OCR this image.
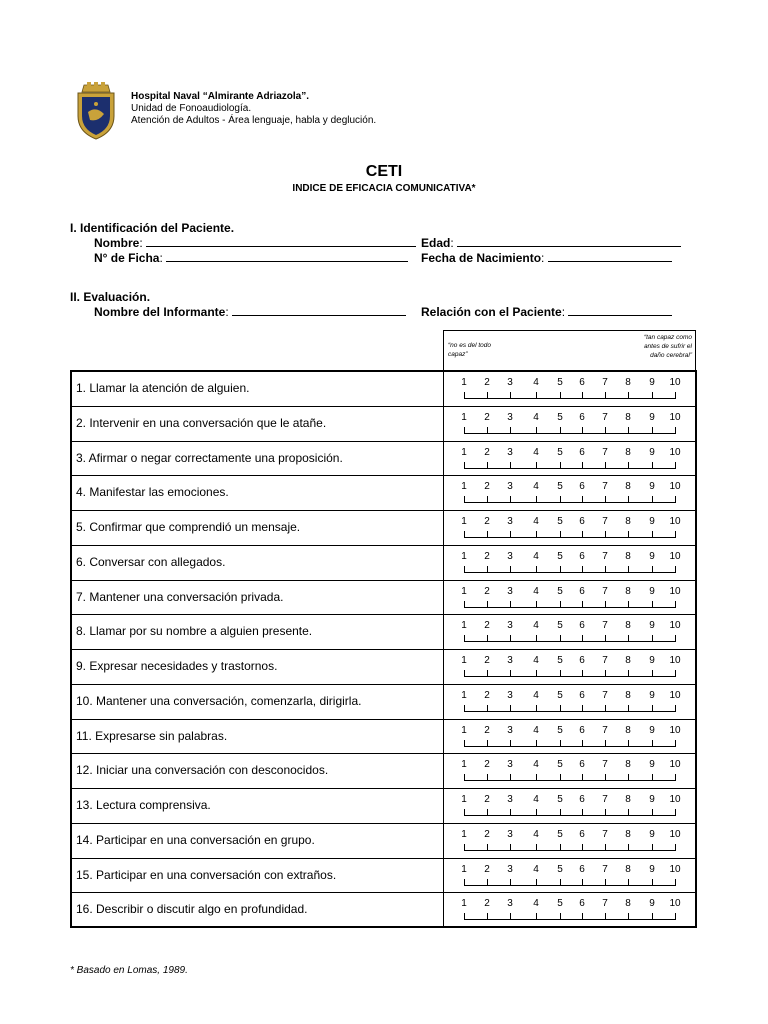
Hospital Naval “Almirante Adriazola”.
Unidad de Fonoaudiología.
Atención de Adultos - Área lenguaje, habla y deglución.
CETI
INDICE DE EFICACIA COMUNICATIVA*
I. Identificación del Paciente.
Nombre:	Edad:
N° de Ficha:	Fecha de Nacimiento:
II. Evaluación.
Nombre del Informante:	Relación con el Paciente:
“no es del todo capaz”
“tan capaz como antes de sufrir el daño cerebral”
1. Llamar la atención de alguien.	1 2 3 4 5 6 7 8 9 10
2. Intervenir en una conversación que le atañe.	1 2 3 4 5 6 7 8 9 10
3. Afirmar o negar correctamente una proposición.	1 2 3 4 5 6 7 8 9 10
4. Manifestar las emociones.	1 2 3 4 5 6 7 8 9 10
5. Confirmar que comprendió un mensaje.	1 2 3 4 5 6 7 8 9 10
6. Conversar con allegados.	1 2 3 4 5 6 7 8 9 10
7. Mantener una conversación privada.	1 2 3 4 5 6 7 8 9 10
8. Llamar por su nombre a alguien presente.	1 2 3 4 5 6 7 8 9 10
9. Expresar necesidades y trastornos.	1 2 3 4 5 6 7 8 9 10
10. Mantener una conversación, comenzarla, dirigirla.	1 2 3 4 5 6 7 8 9 10
11. Expresarse sin palabras.	1 2 3 4 5 6 7 8 9 10
12. Iniciar una conversación con desconocidos.	1 2 3 4 5 6 7 8 9 10
13. Lectura comprensiva.	1 2 3 4 5 6 7 8 9 10
14. Participar en una conversación en grupo.	1 2 3 4 5 6 7 8 9 10
15. Participar en una conversación con extraños.	1 2 3 4 5 6 7 8 9 10
16. Describir o discutir algo en profundidad.	1 2 3 4 5 6 7 8 9 10
* Basado en Lomas, 1989.
